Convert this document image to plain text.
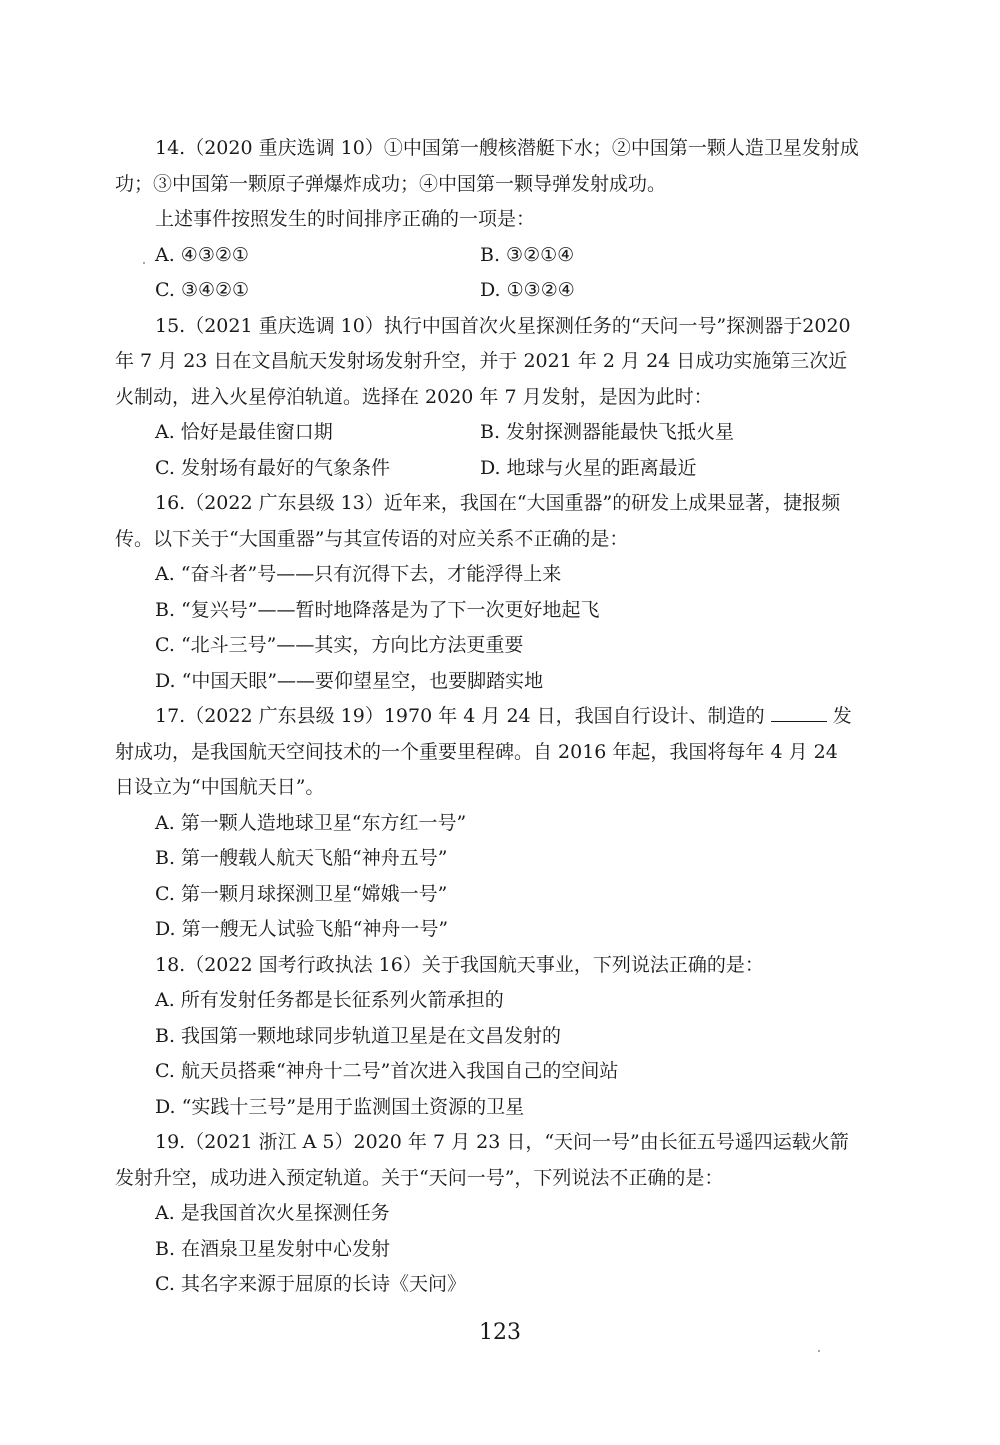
14.（2020 重庆选调 10）①中国第一艘核潜艇下水；②中国第一颗人造卫星发射成功；③中国第一颗原子弹爆炸成功；④中国第一颗导弹发射成功。

上述事件按照发生的时间排序正确的一项是：

A. ④③②①	B. ③②①④
C. ③④②①	D. ①③②④

15.（2021 重庆选调 10）执行中国首次火星探测任务的“天问一号”探测器于2020 年 7 月 23 日在文昌航天发射场发射升空，并于 2021 年 2 月 24 日成功实施第三次近火制动，进入火星停泊轨道。选择在 2020 年 7 月发射，是因为此时：

A. 恰好是最佳窗口期	B. 发射探测器能最快飞抵火星
C. 发射场有最好的气象条件	D. 地球与火星的距离最近

16.（2022 广东县级 13）近年来，我国在“大国重器”的研发上成果显著，捷报频传。以下关于“大国重器”与其宣传语的对应关系不正确的是：

A. “奋斗者”号——只有沉得下去，才能浮得上来
B. “复兴号”——暂时地降落是为了下一次更好地起飞
C. “北斗三号”——其实，方向比方法更重要
D. “中国天眼”——要仰望星空，也要脚踏实地

17.（2022 广东县级 19）1970 年 4 月 24 日，我国自行设计、制造的	发射成功，是我国航天空间技术的一个重要里程碑。自 2016 年起，我国将每年 4 月 24 日设立为“中国航天日”。

A. 第一颗人造地球卫星“东方红一号”
B. 第一艘载人航天飞船“神舟五号”
C. 第一颗月球探测卫星“嫦娥一号”
D. 第一艘无人试验飞船“神舟一号”

18.（2022 国考行政执法 16）关于我国航天事业，下列说法正确的是：

A. 所有发射任务都是长征系列火箭承担的
B. 我国第一颗地球同步轨道卫星是在文昌发射的
C. 航天员搭乘“神舟十二号”首次进入我国自己的空间站
D. “实践十三号”是用于监测国土资源的卫星

19.（2021 浙江 A 5）2020 年 7 月 23 日，“天问一号”由长征五号遥四运载火箭发射升空，成功进入预定轨道。关于“天问一号”，下列说法不正确的是：

A. 是我国首次火星探测任务
B. 在酒泉卫星发射中心发射
C. 其名字来源于屈原的长诗《天问》
123
